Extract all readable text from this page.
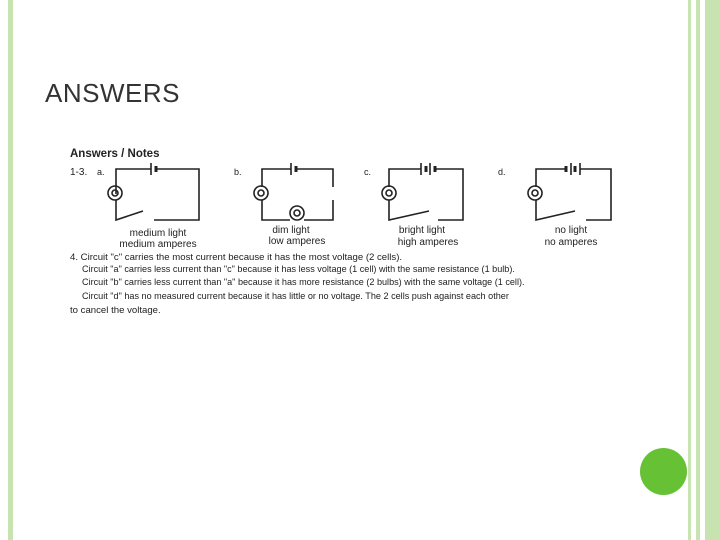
ANSWERS
Answers / Notes
1-3. a.
medium light
medium amperes
b.
dim light
low amperes
c.
bright light
high amperes
d.
no light
no amperes
4. Circuit "c" carries the most current because it has the most voltage (2 cells).
Circuit "a" carries less current than "c" because it has less voltage (1 cell) with the same resistance (1 bulb).
Circuit "b" carries less current than "a" because it has more resistance (2 bulbs) with the same voltage (1 cell).
Circuit "d" has no measured current because it has little or no voltage. The 2 cells push against each other
to cancel the voltage.
